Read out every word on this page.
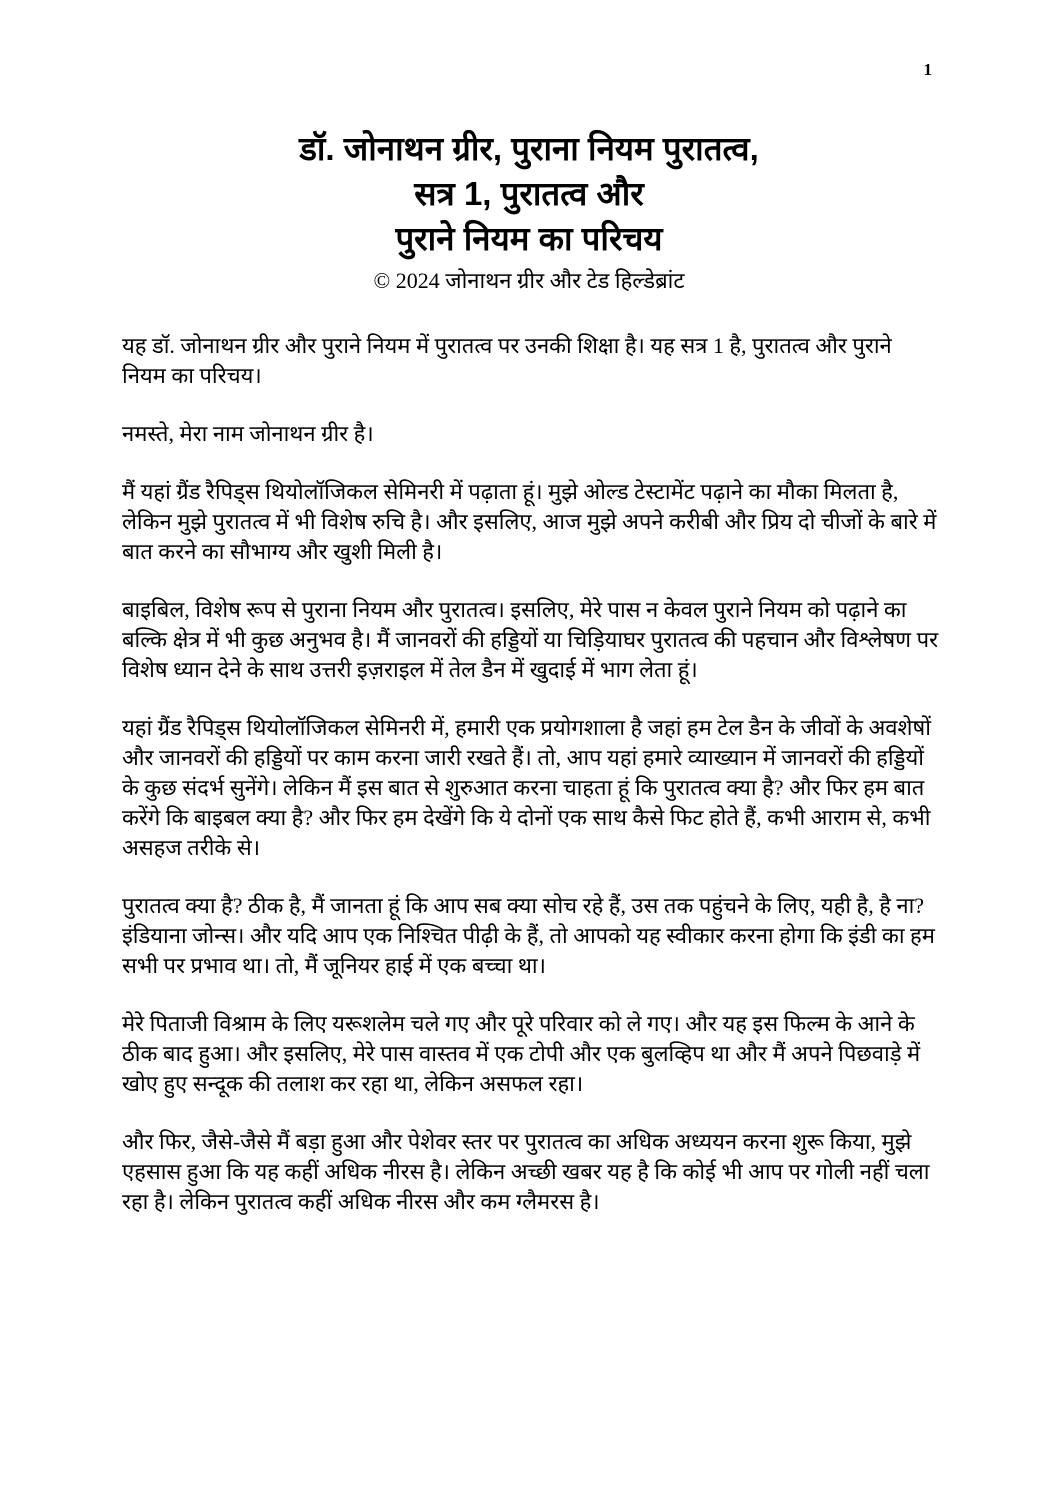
1
डॉ. जोनाथन ग्रीर, पुराना नियम पुरातत्व,
सत्र 1, पुरातत्व और
पुराने नियम का परिचय
© 2024 जोनाथन ग्रीर और टेड हिल्डेब्रांट

यह डॉ. जोनाथन ग्रीर और पुराने नियम में पुरातत्व पर उनकी शिक्षा है। यह सत्र 1 है, पुरातत्व और पुराने नियम का परिचय।

नमस्ते, मेरा नाम जोनाथन ग्रीर है।

मैं यहां ग्रैंड रैपिड्स थियोलॉजिकल सेमिनरी में पढ़ाता हूं। मुझे ओल्ड टेस्टामेंट पढ़ाने का मौका मिलता है, लेकिन मुझे पुरातत्व में भी विशेष रुचि है। और इसलिए, आज मुझे अपने करीबी और प्रिय दो चीजों के बारे में बात करने का सौभाग्य और खुशी मिली है।

बाइबिल, विशेष रूप से पुराना नियम और पुरातत्व। इसलिए, मेरे पास न केवल पुराने नियम को पढ़ाने का बल्कि क्षेत्र में भी कुछ अनुभव है। मैं जानवरों की हड्डियों या चिड़ियाघर पुरातत्व की पहचान और विश्लेषण पर विशेष ध्यान देने के साथ उत्तरी इज़राइल में तेल डैन में खुदाई में भाग लेता हूं।

यहां ग्रैंड रैपिड्स थियोलॉजिकल सेमिनरी में, हमारी एक प्रयोगशाला है जहां हम टेल डैन के जीवों के अवशेषों और जानवरों की हड्डियों पर काम करना जारी रखते हैं। तो, आप यहां हमारे व्याख्यान में जानवरों की हड्डियों के कुछ संदर्भ सुनेंगे। लेकिन मैं इस बात से शुरुआत करना चाहता हूं कि पुरातत्व क्या है? और फिर हम बात करेंगे कि बाइबल क्या है? और फिर हम देखेंगे कि ये दोनों एक साथ कैसे फिट होते हैं, कभी आराम से, कभी असहज तरीके से।

पुरातत्व क्या है? ठीक है, मैं जानता हूं कि आप सब क्या सोच रहे हैं, उस तक पहुंचने के लिए, यही है, है ना? इंडियाना जोन्स। और यदि आप एक निश्चित पीढ़ी के हैं, तो आपको यह स्वीकार करना होगा कि इंडी का हम सभी पर प्रभाव था। तो, मैं जूनियर हाई में एक बच्चा था।

मेरे पिताजी विश्राम के लिए यरूशलेम चले गए और पूरे परिवार को ले गए। और यह इस फिल्म के आने के ठीक बाद हुआ। और इसलिए, मेरे पास वास्तव में एक टोपी और एक बुलव्हिप था और मैं अपने पिछवाड़े में खोए हुए सन्दूक की तलाश कर रहा था, लेकिन असफल रहा।

और फिर, जैसे-जैसे मैं बड़ा हुआ और पेशेवर स्तर पर पुरातत्व का अधिक अध्ययन करना शुरू किया, मुझे एहसास हुआ कि यह कहीं अधिक नीरस है। लेकिन अच्छी खबर यह है कि कोई भी आप पर गोली नहीं चला रहा है। लेकिन पुरातत्व कहीं अधिक नीरस और कम ग्लैमरस है।
